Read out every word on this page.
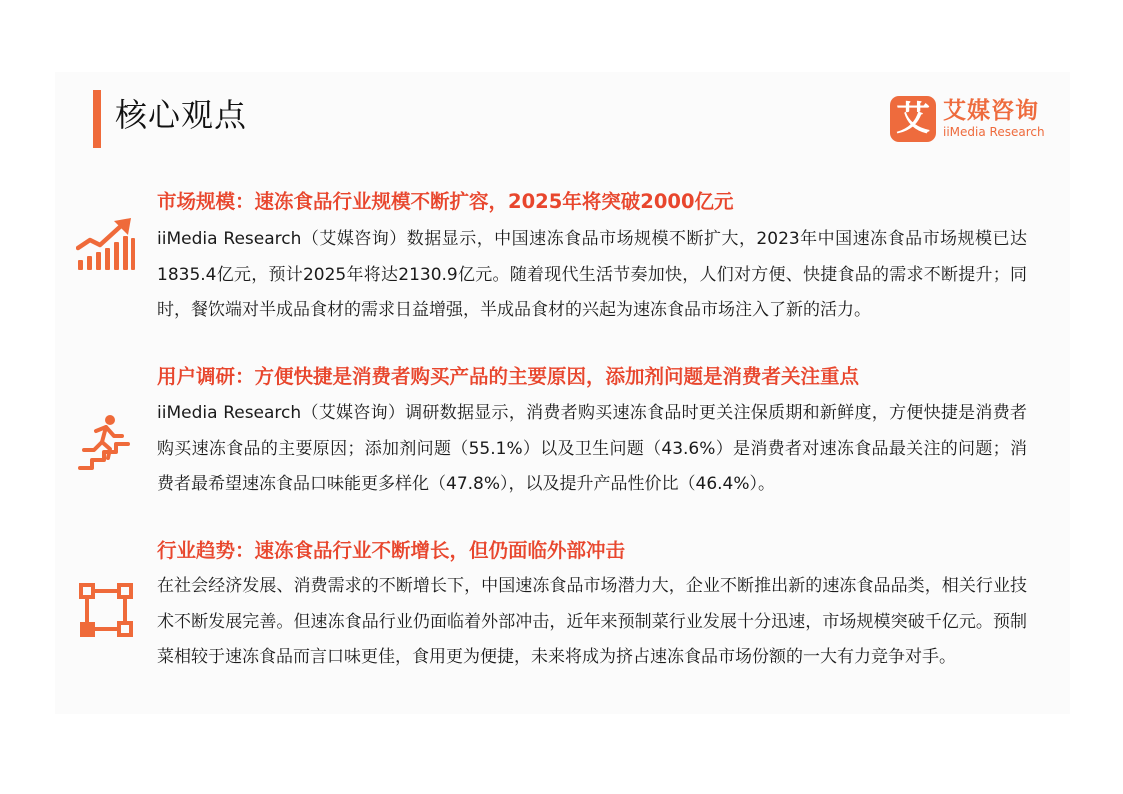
核心观点	艾 艾媒咨询
iiMedia Research
市场规模：速冻食品行业规模不断扩容，2025年将突破2000亿元
iiMedia Research（艾媒咨询）数据显示，中国速冻食品市场规模不断扩大，2023年中国速冻食品市场规模已达1835.4亿元，预计2025年将达2130.9亿元。随着现代生活节奏加快，人们对方便、快捷食品的需求不断提升；同时，餐饮端对半成品食材的需求日益增强，半成品食材的兴起为速冻食品市场注入了新的活力。
用户调研：方便快捷是消费者购买产品的主要原因，添加剂问题是消费者关注重点
iiMedia Research（艾媒咨询）调研数据显示，消费者购买速冻食品时更关注保质期和新鲜度，方便快捷是消费者购买速冻食品的主要原因；添加剂问题（55.1%）以及卫生问题（43.6%）是消费者对速冻食品最关注的问题；消费者最希望速冻食品口味能更多样化（47.8%），以及提升产品性价比（46.4%）。
行业趋势：速冻食品行业不断增长，但仍面临外部冲击
在社会经济发展、消费需求的不断增长下，中国速冻食品市场潜力大，企业不断推出新的速冻食品品类，相关行业技术不断发展完善。但速冻食品行业仍面临着外部冲击，近年来预制菜行业发展十分迅速，市场规模突破千亿元。预制菜相较于速冻食品而言口味更佳，食用更为便捷，未来将成为挤占速冻食品市场份额的一大有力竞争对手。
